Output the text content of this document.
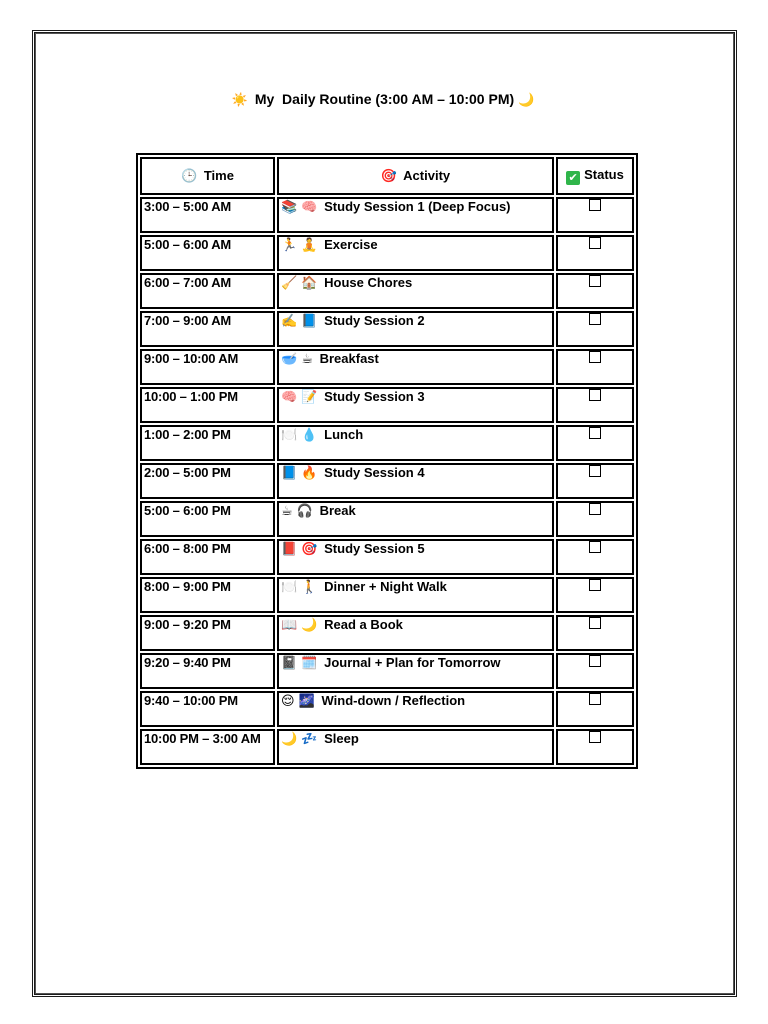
☀️ My  Daily Routine (3:00 AM – 10:00 PM) 🌙
🕒 Time	🎯 Activity	✔ Status
3:00 – 5:00 AM	📚 🧠 Study Session 1 (Deep Focus)	
5:00 – 6:00 AM	🏃 🧘 Exercise	
6:00 – 7:00 AM	🧹 🏠 House Chores	
7:00 – 9:00 AM	✍️ 📘 Study Session 2	
9:00 – 10:00 AM	🥣 ☕ Breakfast	
10:00 – 1:00 PM	🧠 📝 Study Session 3	
1:00 – 2:00 PM	🍽️ 💧 Lunch	
2:00 – 5:00 PM	📘 🔥 Study Session 4	
5:00 – 6:00 PM	☕ 🎧 Break	
6:00 – 8:00 PM	📕 🎯 Study Session 5	
8:00 – 9:00 PM	🍽️ 🚶 Dinner + Night Walk	
9:00 – 9:20 PM	📖 🌙 Read a Book	
9:20 – 9:40 PM	📓 🗓️ Journal + Plan for Tomorrow	
9:40 – 10:00 PM	😌 🌌 Wind-down / Reflection	
10:00 PM – 3:00 AM	🌙 💤 Sleep	
